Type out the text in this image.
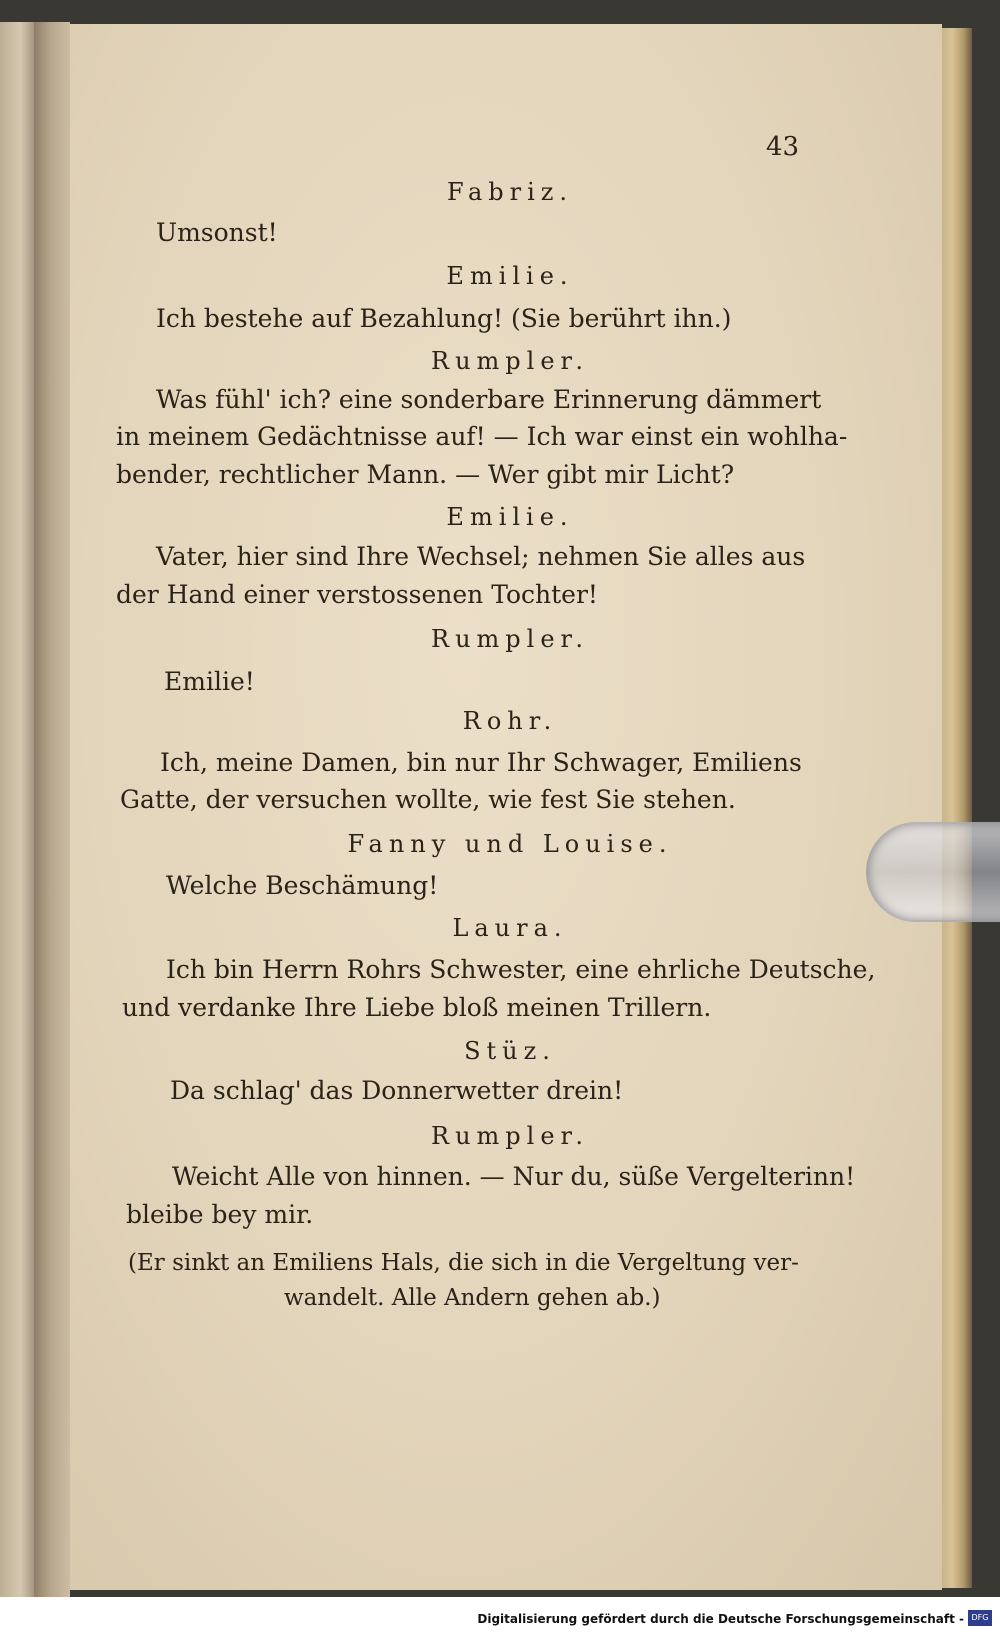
43
Fabriz.
Umsonst!
Emilie.
Ich bestehe auf Bezahlung! (Sie berührt ihn.)
Rumpler.
Was fühl' ich? eine sonderbare Erinnerung dämmert
in meinem Gedächtnisse auf! — Ich war einst ein wohlha-
bender, rechtlicher Mann. — Wer gibt mir Licht?
Emilie.
Vater, hier sind Ihre Wechsel; nehmen Sie alles aus
der Hand einer verstossenen Tochter!
Rumpler.
Emilie!
Rohr.
Ich, meine Damen, bin nur Ihr Schwager, Emiliens
Gatte, der versuchen wollte, wie fest Sie stehen.
Fanny und Louise.
Welche Beschämung!
Laura.
Ich bin Herrn Rohrs Schwester, eine ehrliche Deutsche,
und verdanke Ihre Liebe bloß meinen Trillern.
Stüz.
Da schlag' das Donnerwetter drein!
Rumpler.
Weicht Alle von hinnen. — Nur du, süße Vergelterinn!
bleibe bey mir.
(Er sinkt an Emiliens Hals, die sich in die Vergeltung ver-
wandelt. Alle Andern gehen ab.)
Digitalisierung gefördert durch die Deutsche Forschungsgemeinschaft - DFG
